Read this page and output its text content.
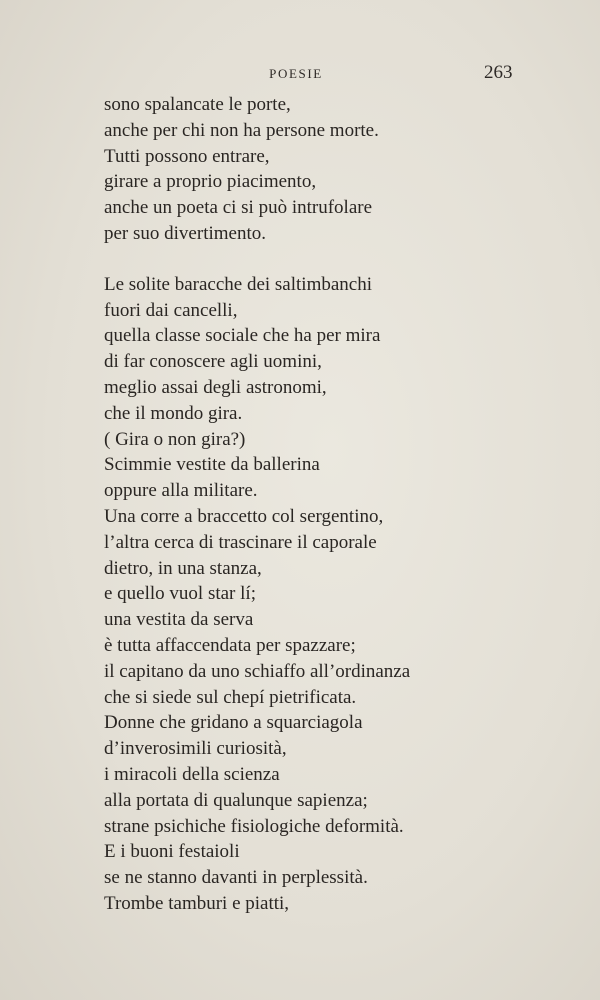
POESIE	263
sono spalancate le porte,
anche per chi non ha persone morte.
Tutti possono entrare,
girare a proprio piacimento,
anche un poeta ci si può intrufolare
per suo divertimento.
Le solite baracche dei saltimbanchi
fuori dai cancelli,
quella classe sociale che ha per mira
di far conoscere agli uomini,
meglio assai degli astronomi,
che il mondo gira.
( Gira o non gira?)
Scimmie vestite da ballerina
oppure alla militare.
Una corre a braccetto col sergentino,
l’altra cerca di trascinare il caporale
dietro, in una stanza,
e quello vuol star lí;
una vestita da serva
è tutta affaccendata per spazzare;
il capitano da uno schiaffo all’ordinanza
che si siede sul chepí pietrificata.
Donne che gridano a squarciagola
d’inverosimili curiosità,
i miracoli della scienza
alla portata di qualunque sapienza;
strane psichiche fisiologiche deformità.
E i buoni festaioli
se ne stanno davanti in perplessità.
Trombe tamburi e piatti,
